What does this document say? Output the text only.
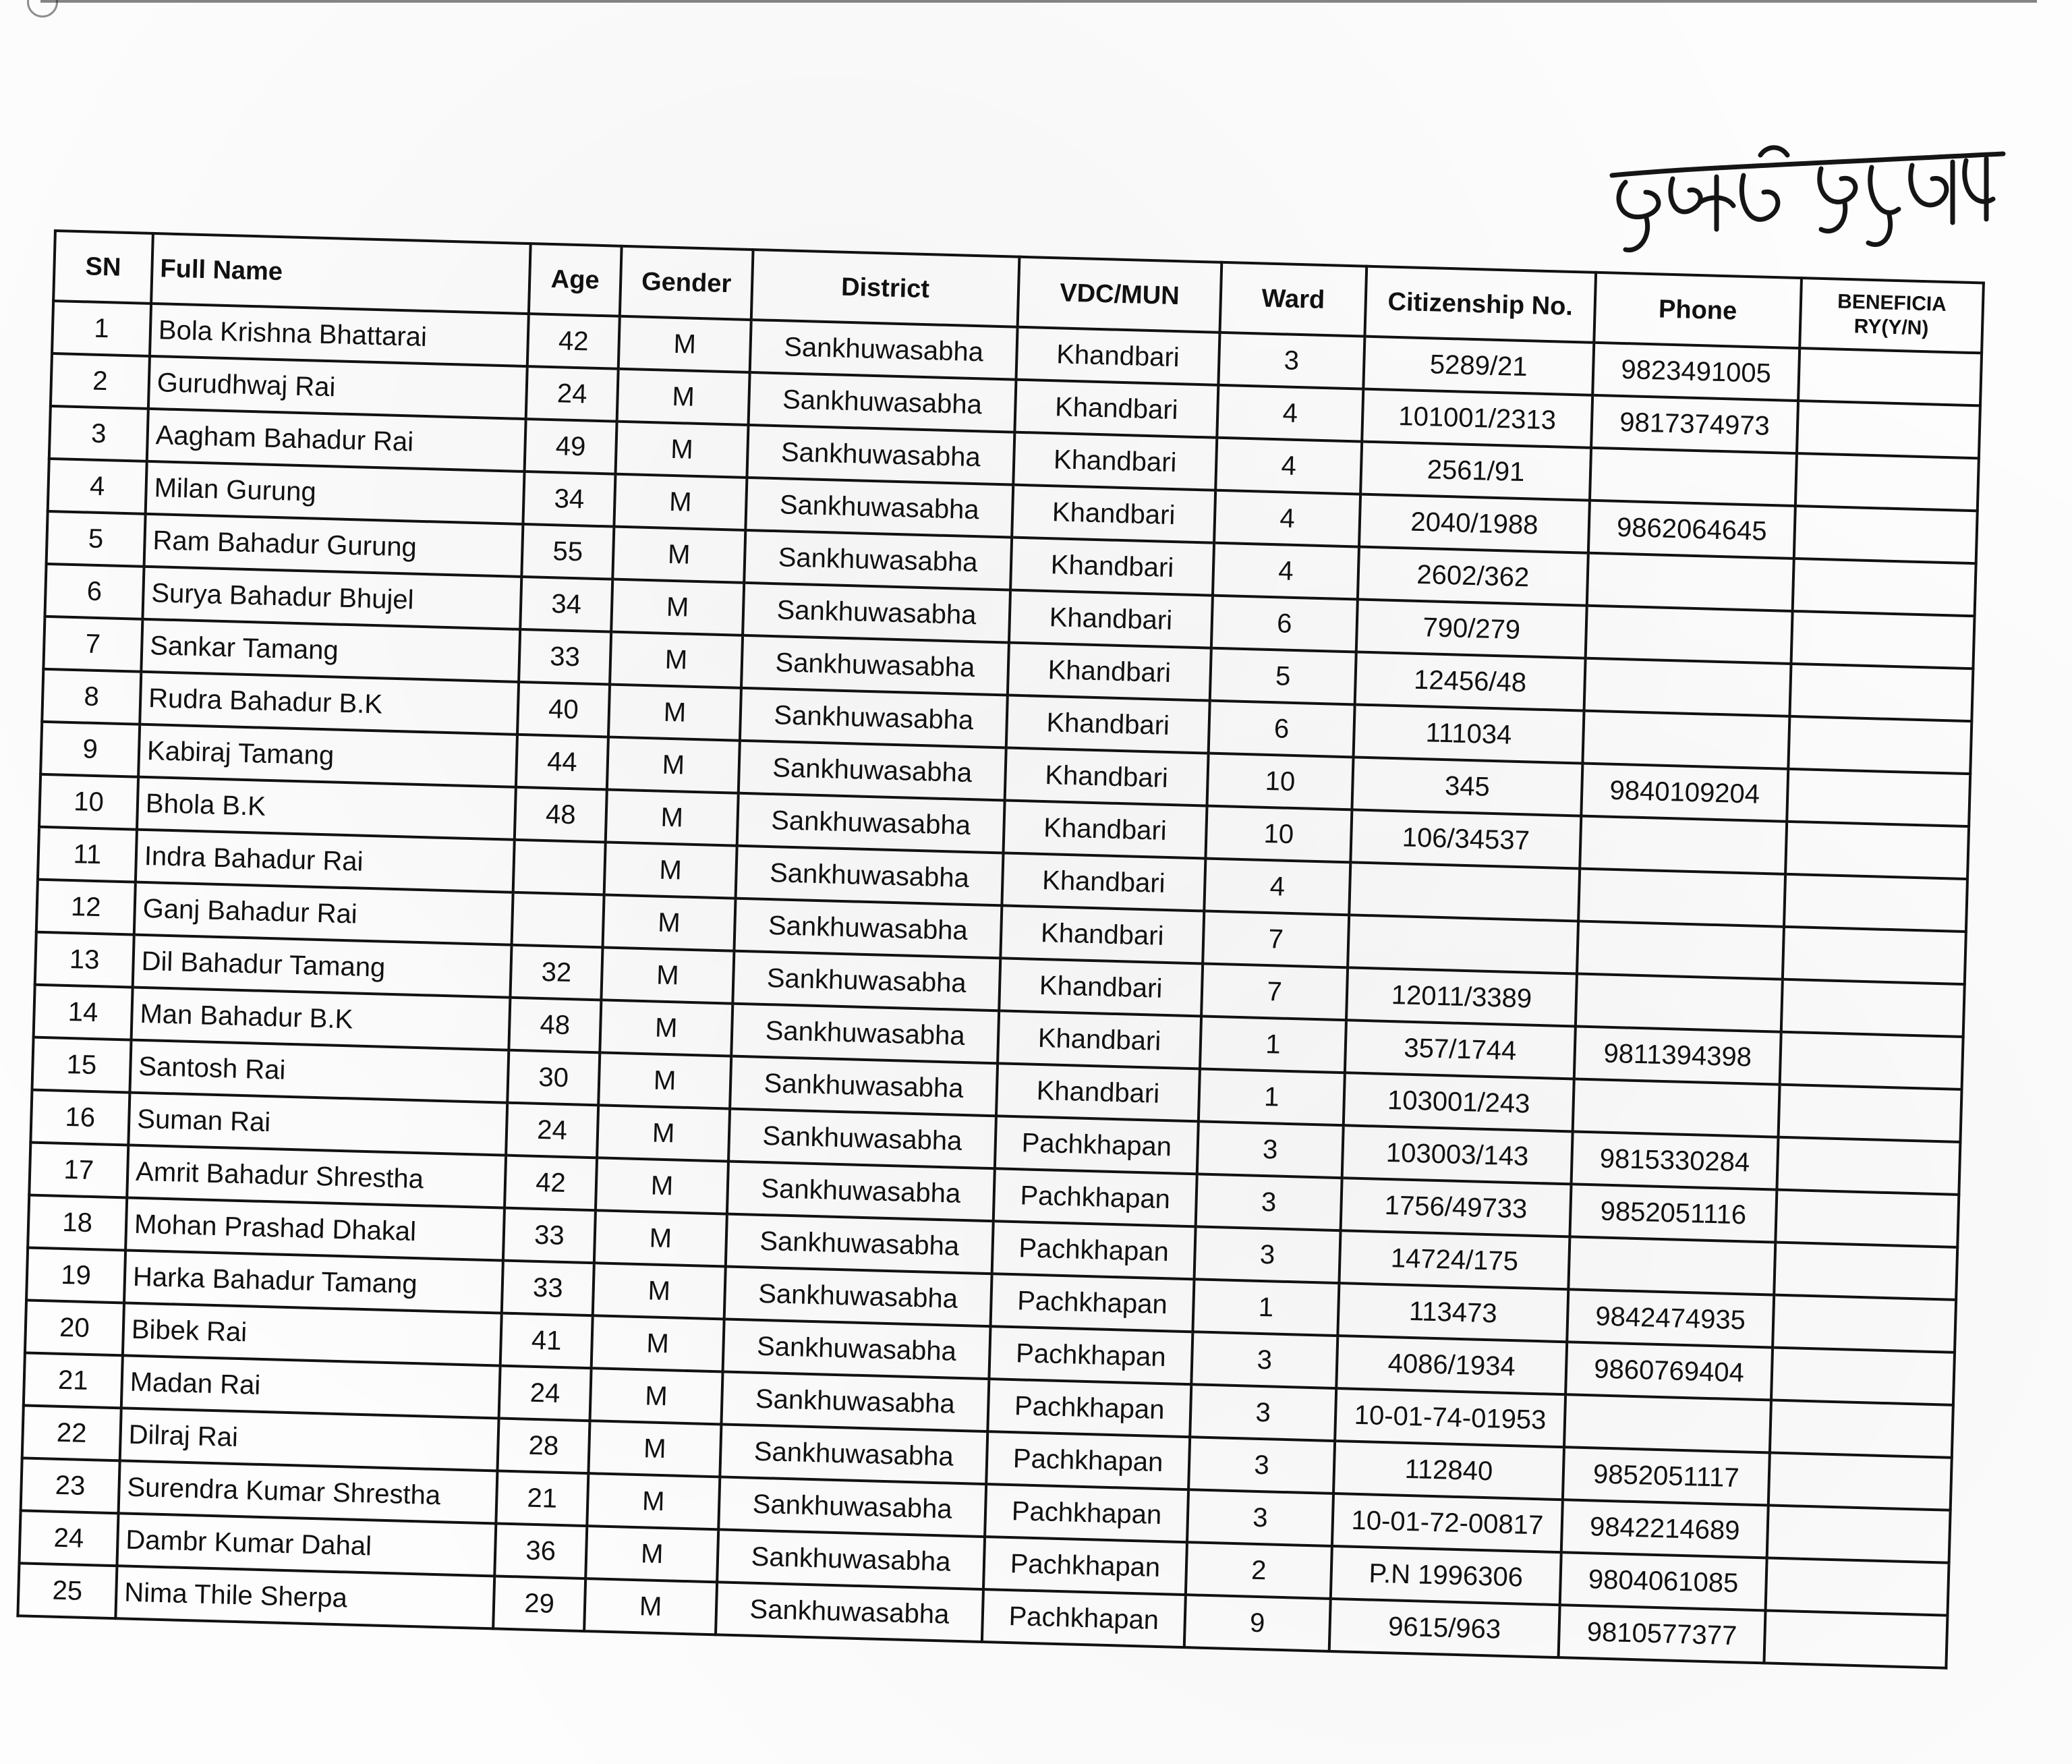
SN	Full Name	Age	Gender	District	VDC/MUN	Ward	Citizenship No.	Phone	BENEFICIA RY(Y/N)
1	Bola Krishna Bhattarai	42	M	Sankhuwasabha	Khandbari	3	5289/21	9823491005	
2	Gurudhwaj Rai	24	M	Sankhuwasabha	Khandbari	4	101001/2313	9817374973	
3	Aagham Bahadur Rai	49	M	Sankhuwasabha	Khandbari	4	2561/91		
4	Milan Gurung	34	M	Sankhuwasabha	Khandbari	4	2040/1988	9862064645	
5	Ram Bahadur Gurung	55	M	Sankhuwasabha	Khandbari	4	2602/362		
6	Surya Bahadur Bhujel	34	M	Sankhuwasabha	Khandbari	6	790/279		
7	Sankar Tamang	33	M	Sankhuwasabha	Khandbari	5	12456/48		
8	Rudra Bahadur B.K	40	M	Sankhuwasabha	Khandbari	6	111034		
9	Kabiraj Tamang	44	M	Sankhuwasabha	Khandbari	10	345	9840109204	
10	Bhola B.K	48	M	Sankhuwasabha	Khandbari	10	106/34537		
11	Indra Bahadur Rai		M	Sankhuwasabha	Khandbari	4			
12	Ganj Bahadur Rai		M	Sankhuwasabha	Khandbari	7			
13	Dil Bahadur Tamang	32	M	Sankhuwasabha	Khandbari	7	12011/3389		
14	Man Bahadur B.K	48	M	Sankhuwasabha	Khandbari	1	357/1744	9811394398	
15	Santosh Rai	30	M	Sankhuwasabha	Khandbari	1	103001/243		
16	Suman Rai	24	M	Sankhuwasabha	Pachkhapan	3	103003/143	9815330284	
17	Amrit Bahadur Shrestha	42	M	Sankhuwasabha	Pachkhapan	3	1756/49733	9852051116	
18	Mohan Prashad Dhakal	33	M	Sankhuwasabha	Pachkhapan	3	14724/175		
19	Harka Bahadur Tamang	33	M	Sankhuwasabha	Pachkhapan	1	113473	9842474935	
20	Bibek Rai	41	M	Sankhuwasabha	Pachkhapan	3	4086/1934	9860769404	
21	Madan Rai	24	M	Sankhuwasabha	Pachkhapan	3	10-01-74-01953		
22	Dilraj Rai	28	M	Sankhuwasabha	Pachkhapan	3	112840	9852051117	
23	Surendra Kumar Shrestha	21	M	Sankhuwasabha	Pachkhapan	3	10-01-72-00817	9842214689	
24	Dambr Kumar Dahal	36	M	Sankhuwasabha	Pachkhapan	2	P.N 1996306	9804061085	
25	Nima Thile Sherpa	29	M	Sankhuwasabha	Pachkhapan	9	9615/963	9810577377	
